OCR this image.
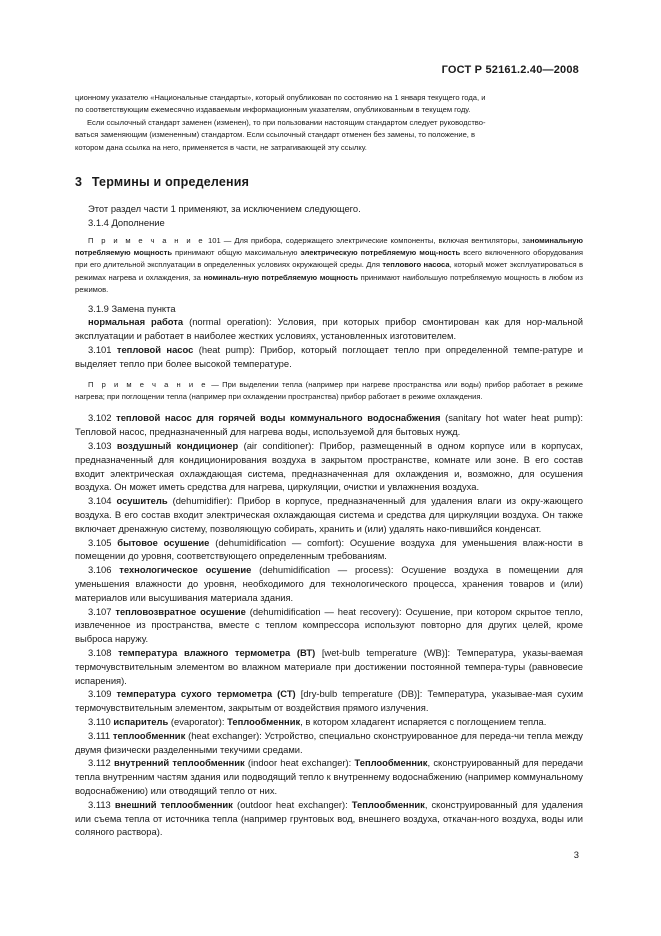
ГОСТ Р 52161.2.40—2008
ционному указателю «Национальные стандарты», который опубликован по состоянию на 1 января текущего года, и
по соответствующим ежемесячно издаваемым информационным указателям, опубликованным в текущем году.
Если ссылочный стандарт заменен (изменен), то при пользовании настоящим стандартом следует руководство-
ваться заменяющим (измененным) стандартом. Если ссылочный стандарт отменен без замены, то положение, в
котором дана ссылка на него, применяется в части, не затрагивающей эту ссылку.
3 Термины и определения

Этот раздел части 1 применяют, за исключением следующего.

3.1.4 Дополнение

П р и м е ч а н и е 101 — Для прибора, содержащего электрические компоненты, включая вентиляторы, заноминальную потребляемую мощность принимают общую максимальную электрическую потребляемую мощ-ность всего включенного оборудования при его длительной эксплуатации в определенных условиях окружающей среды. Для теплового насоса, который может эксплуатироваться в режимах нагрева и охлаждения, за номиналь-ную потребляемую мощность принимают наибольшую потребляемую мощность в любом из режимов.

3.1.9 Замена пункта

нормальная работа (normal operation): Условия, при которых прибор смонтирован как для нор-мальной эксплуатации и работает в наиболее жестких условиях, установленных изготовителем.

3.101 тепловой насос (heat pump): Прибор, который поглощает тепло при определенной темпе-ратуре и выделяет тепло при более высокой температуре.

П р и м е ч а н и е — При выделении тепла (например при нагреве пространства или воды) прибор работает в режиме нагрева; при поглощении тепла (например при охлаждении пространства) прибор работает в режиме охлаждения.

3.102 тепловой насос для горячей воды коммунального водоснабжения (sanitary hot water heat pump): Тепловой насос, предназначенный для нагрева воды, используемой для бытовых нужд.

3.103 воздушный кондиционер (air conditioner): Прибор, размещенный в одном корпусе или в корпусах, предназначенный для кондиционирования воздуха в закрытом пространстве, комнате или зоне. В его состав входит электрическая охлаждающая система, предназначенная для охлаждения и, возможно, для осушения воздуха. Он может иметь средства для нагрева, циркуляции, очистки и увлажнения воздуха.

3.104 осушитель (dehumidifier): Прибор в корпусе, предназначенный для удаления влаги из окру-жающего воздуха. В его состав входит электрическая охлаждающая система и средства для циркуляции воздуха. Он также включает дренажную систему, позволяющую собирать, хранить и (или) удалять нако-пившийся конденсат.

3.105 бытовое осушение (dehumidification — comfort): Осушение воздуха для уменьшения влаж-ности в помещении до уровня, соответствующего определенным требованиям.

3.106 технологическое осушение (dehumidification — process): Осушение воздуха в помещении для уменьшения влажности до уровня, необходимого для технологического процесса, хранения товаров и (или) материалов или высушивания материала здания.

3.107 тепловозвратное осушение (dehumidification — heat recovery): Осушение, при котором скрытое тепло, извлеченное из пространства, вместе с теплом компрессора используют повторно для других целей, кроме выброса наружу.

3.108 температура влажного термометра (ВТ) [wet-bulb temperature (WB)]: Температура, указы-ваемая термочувствительным элементом во влажном материале при достижении постоянной темпера-туры (равновесие испарения).

3.109 температура сухого термометра (СТ) [dry-bulb temperature (DB)]: Температура, указывае-мая сухим термочувствительным элементом, закрытым от воздействия прямого излучения.

3.110 испаритель (evaporator): Теплообменник, в котором хладагент испаряется с поглощением тепла.

3.111 теплообменник (heat exchanger): Устройство, специально сконструированное для переда-чи тепла между двумя физически разделенными текучими средами.

3.112 внутренний теплообменник (indoor heat exchanger): Теплообменник, сконструированный для передачи тепла внутренним частям здания или подводящий тепло к внутреннему водоснабжению (например коммунальному водоснабжению) или отводящий тепло от них.

3.113 внешний теплообменник (outdoor heat exchanger): Теплообменник, сконструированный для удаления или съема тепла от источника тепла (например грунтовых вод, внешнего воздуха, откачан-ного воздуха, воды или соляного раствора).

3
